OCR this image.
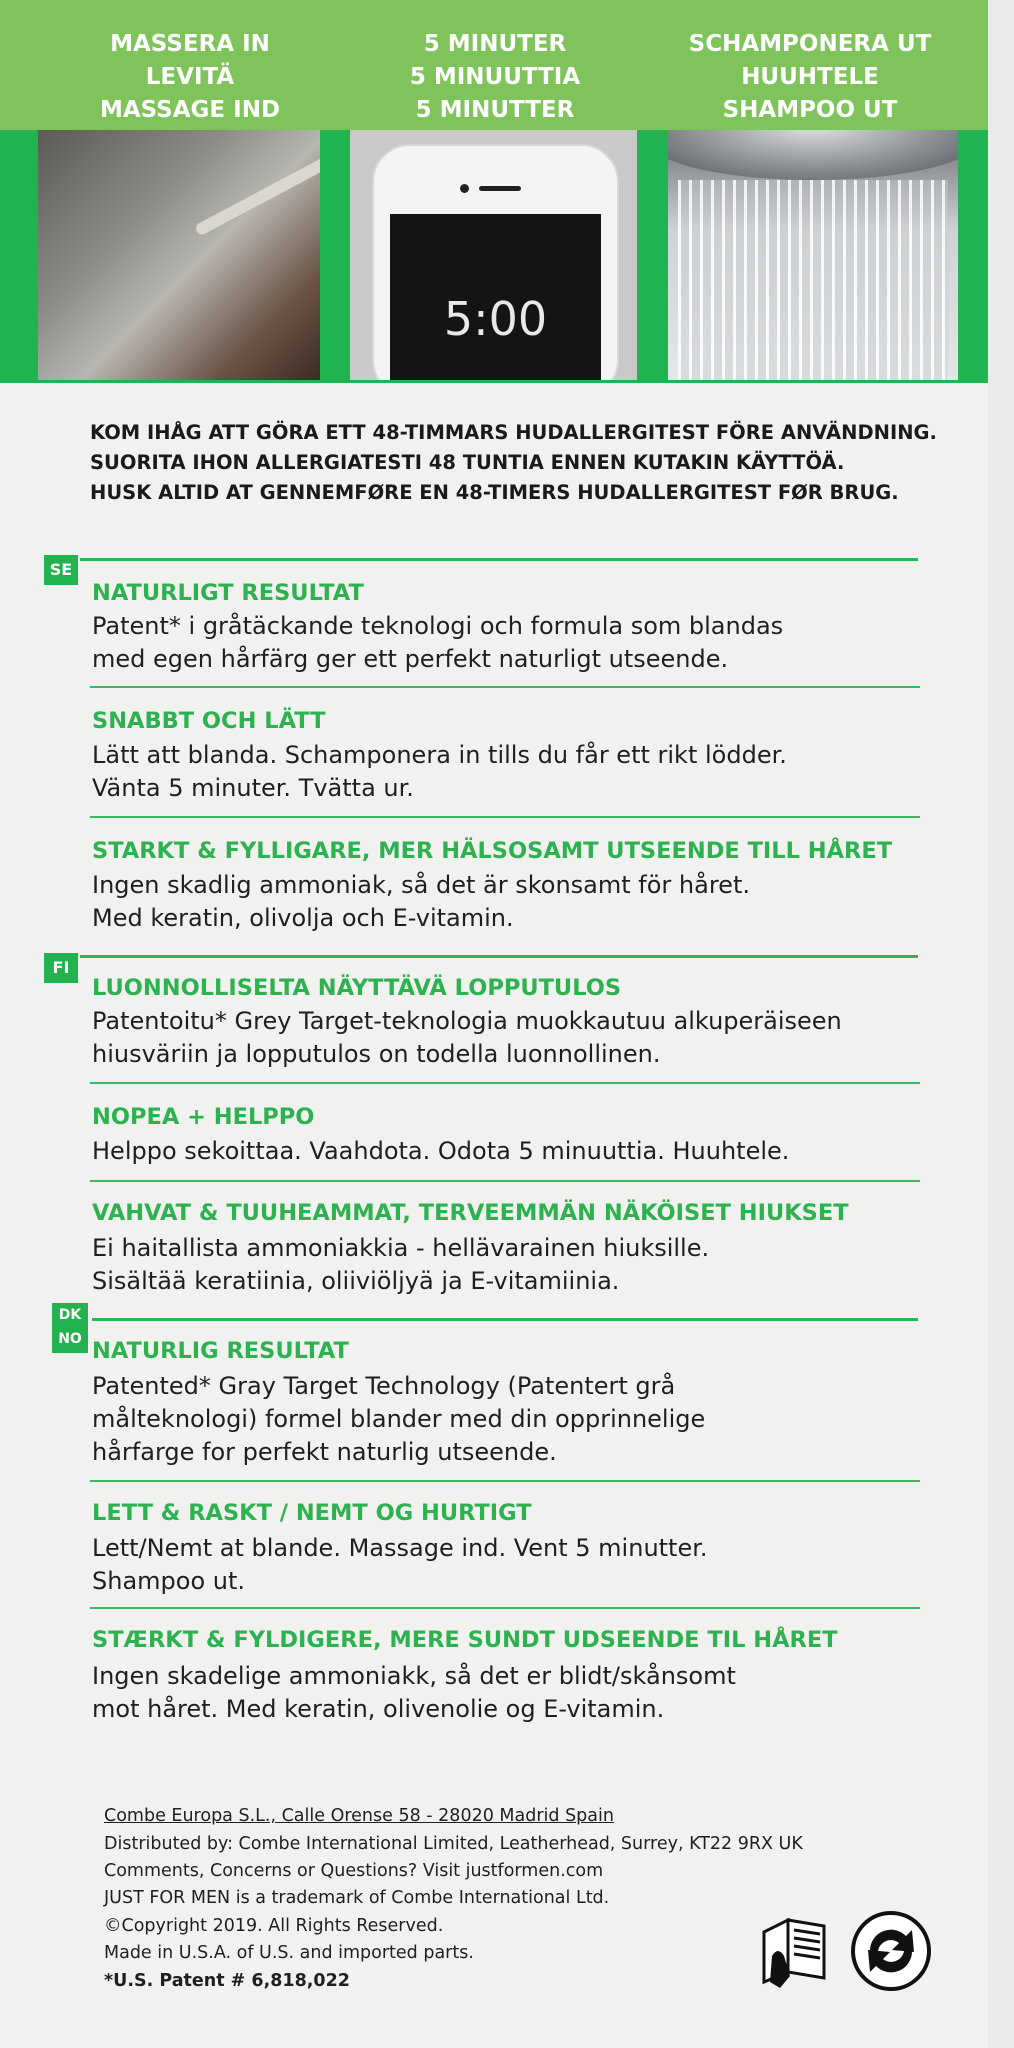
MASSERA IN
LEVITÄ
MASSAGE IND
5 MINUTER
5 MINUUTTIA
5 MINUTTER
SCHAMPONERA UT
HUUHTELE
SHAMPOO UT
5:00
KOM IHÅG ATT GÖRA ETT 48-TIMMARS HUDALLERGITEST FÖRE ANVÄNDNING.
SUORITA IHON ALLERGIATESTI 48 TUNTIA ENNEN KUTAKIN KÄYTTÖÄ.
HUSK ALTID AT GENNEMFØRE EN 48-TIMERS HUDALLERGITEST FØR BRUG.
SE
NATURLIGT RESULTAT
Patent* i gråtäckande teknologi och formula som blandas
med egen hårfärg ger ett perfekt naturligt utseende.
SNABBT OCH LÄTT
Lätt att blanda. Schamponera in tills du får ett rikt lödder.
Vänta 5 minuter. Tvätta ur.
STARKT & FYLLIGARE, MER HÄLSOSAMT UTSEENDE TILL HÅRET
Ingen skadlig ammoniak, så det är skonsamt för håret.
Med keratin, olivolja och E-vitamin.
FI
LUONNOLLISELTA NÄYTTÄVÄ LOPPUTULOS
Patentoitu* Grey Target-teknologia muokkautuu alkuperäiseen
hiusväriin ja lopputulos on todella luonnollinen.
NOPEA + HELPPO
Helppo sekoittaa. Vaahdota. Odota 5 minuuttia. Huuhtele.
VAHVAT & TUUHEAMMAT, TERVEEMMÄN NÄKÖISET HIUKSET
Ei haitallista ammoniakkia - hellävarainen hiuksille.
Sisältää keratiinia, oliiviöljyä ja E-vitamiinia.
DK NO NATURLIG RESULTAT
Patented* Gray Target Technology (Patentert grå
målteknologi) formel blander med din opprinnelige
hårfarge for perfekt naturlig utseende.
LETT & RASKT / NEMT OG HURTIGT
Lett/Nemt at blande. Massage ind. Vent 5 minutter.
Shampoo ut.
STÆRKT & FYLDIGERE, MERE SUNDT UDSEENDE TIL HÅRET
Ingen skadelige ammoniakk, så det er blidt/skånsomt
mot håret. Med keratin, olivenolie og E-vitamin.
Combe Europa S.L., Calle Orense 58 - 28020 Madrid Spain
Distributed by: Combe International Limited, Leatherhead, Surrey, KT22 9RX UK
Comments, Concerns or Questions? Visit justformen.com
JUST FOR MEN is a trademark of Combe International Ltd.
©Copyright 2019. All Rights Reserved.
Made in U.S.A. of U.S. and imported parts.
*U.S. Patent # 6,818,022
